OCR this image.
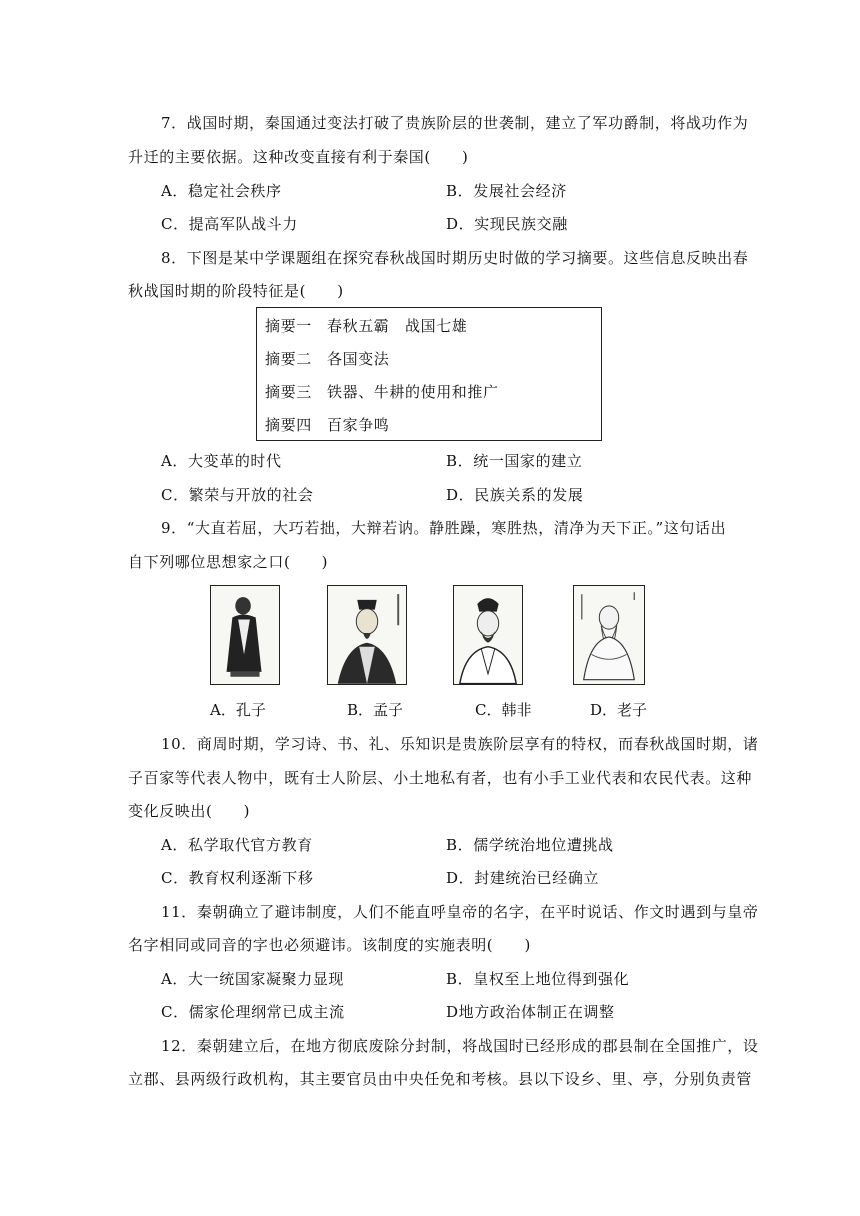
7．战国时期，秦国通过变法打破了贵族阶层的世袭制，建立了军功爵制，将战功作为
升迁的主要依据。这种改变直接有利于秦国(　　)
A．稳定社会秩序	B．发展社会经济
C．提高军队战斗力	D．实现民族交融
8．下图是某中学课题组在探究春秋战国时期历史时做的学习摘要。这些信息反映出春
秋战国时期的阶段特征是(　　)
摘要一 春秋五霸　战国七雄
摘要二 各国变法
摘要三 铁器、牛耕的使用和推广
摘要四 百家争鸣
A．大变革的时代	B．统一国家的建立
C．繁荣与开放的社会	D．民族关系的发展
9．“大直若屈，大巧若拙，大辩若讷。静胜躁，寒胜热，清净为天下正。”这句话出
自下列哪位思想家之口(　　)
A．孔子	B．孟子	C．韩非	D．老子
10．商周时期，学习诗、书、礼、乐知识是贵族阶层享有的特权，而春秋战国时期，诸
子百家等代表人物中，既有士人阶层、小土地私有者，也有小手工业代表和农民代表。这种
变化反映出(　　)
A．私学取代官方教育	B．儒学统治地位遭挑战
C．教育权利逐渐下移	D．封建统治已经确立
11．秦朝确立了避讳制度，人们不能直呼皇帝的名字，在平时说话、作文时遇到与皇帝
名字相同或同音的字也必须避讳。该制度的实施表明(　　)
A．大一统国家凝聚力显现	B．皇权至上地位得到强化
C．儒家伦理纲常已成主流	D地方政治体制正在调整
12．秦朝建立后，在地方彻底废除分封制，将战国时已经形成的郡县制在全国推广，设
立郡、县两级行政机构，其主要官员由中央任免和考核。县以下设乡、里、亭，分别负责管
